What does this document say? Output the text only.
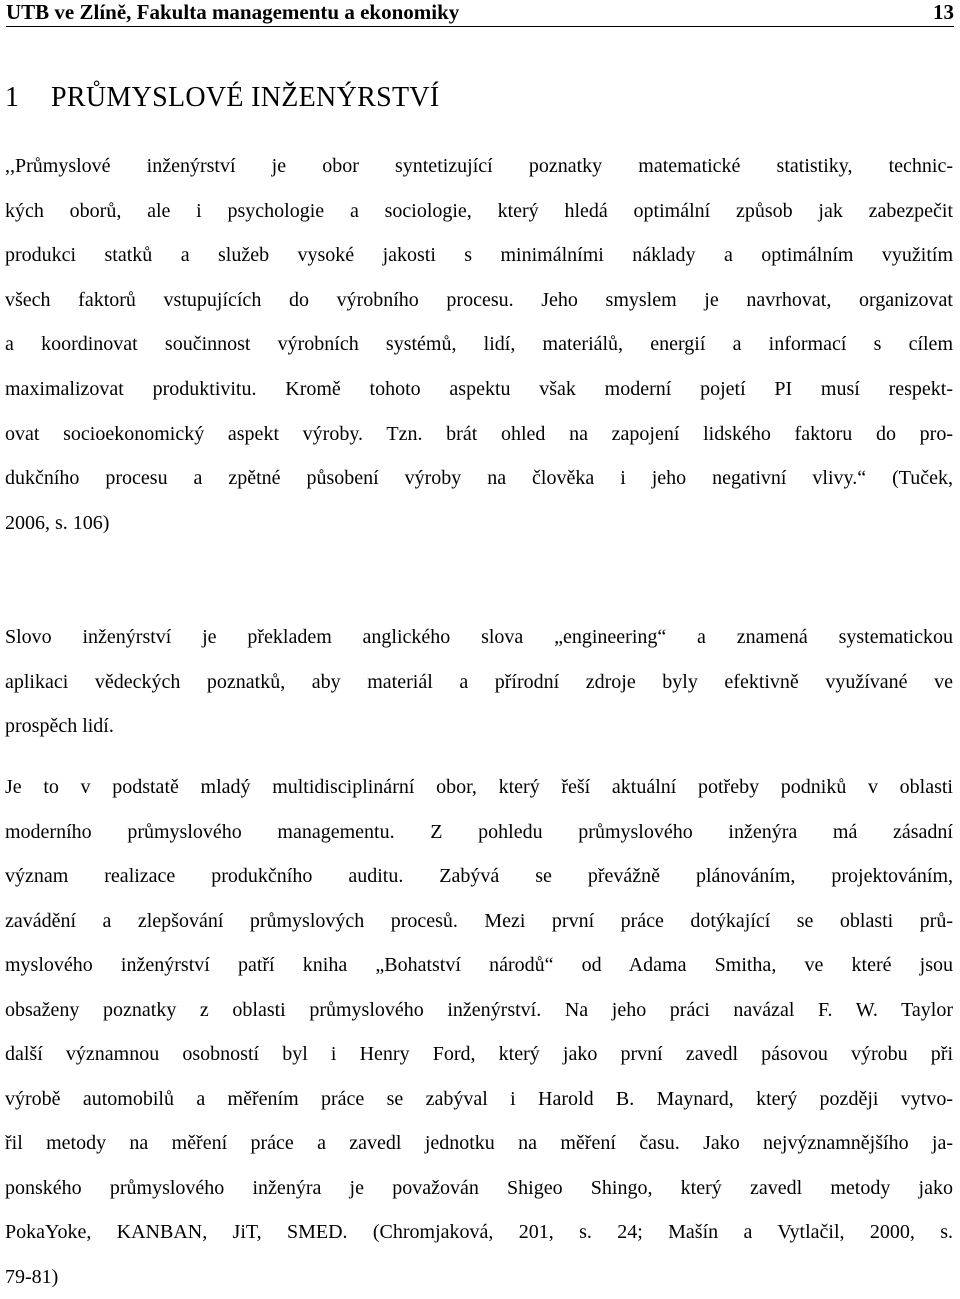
UTB ve Zlíně, Fakulta managementu a ekonomiky	13
1 PRŮMYSLOVÉ INŽENÝRSTVÍ
,,Průmyslové inženýrství je obor syntetizující poznatky matematické statistiky, technic-
kých oborů, ale i psychologie a sociologie, který hledá optimální způsob jak zabezpečit
produkci statků a služeb vysoké jakosti s minimálními náklady a optimálním využitím
všech faktorů vstupujících do výrobního procesu. Jeho smyslem je navrhovat, organizovat
a koordinovat součinnost výrobních systémů, lidí, materiálů, energií a informací s cílem
maximalizovat produktivitu. Kromě tohoto aspektu však moderní pojetí PI musí respekt-
ovat socioekonomický aspekt výroby. Tzn. brát ohled na zapojení lidského faktoru do pro-
dukčního procesu a zpětné působení výroby na člověka i jeho negativní vlivy.“ (Tuček,
2006, s. 106)
Slovo inženýrství je překladem anglického slova „engineering“ a znamená systematickou
aplikaci vědeckých poznatků, aby materiál a přírodní zdroje byly efektivně využívané ve
prospěch lidí.
Je to v podstatě mladý multidisciplinární obor, který řeší aktuální potřeby podniků v oblasti
moderního průmyslového managementu. Z pohledu průmyslového inženýra má zásadní
význam realizace produkčního auditu. Zabývá se převážně plánováním, projektováním,
zavádění a zlepšování průmyslových procesů. Mezi první práce dotýkající se oblasti prů-
myslového inženýrství patří kniha „Bohatství národů“ od Adama Smitha, ve které jsou
obsaženy poznatky z oblasti průmyslového inženýrství. Na jeho práci navázal F. W. Taylor
další významnou osobností byl i Henry Ford, který jako první zavedl pásovou výrobu při
výrobě automobilů a měřením práce se zabýval i Harold B. Maynard, který později vytvo-
řil metody na měření práce a zavedl jednotku na měření času. Jako nejvýznamnějšího ja-
ponského průmyslového inženýra je považován Shigeo Shingo, který zavedl metody jako
PokaYoke, KANBAN, JiT, SMED. (Chromjaková, 201, s. 24; Mašín a Vytlačil, 2000, s.
79-81)
